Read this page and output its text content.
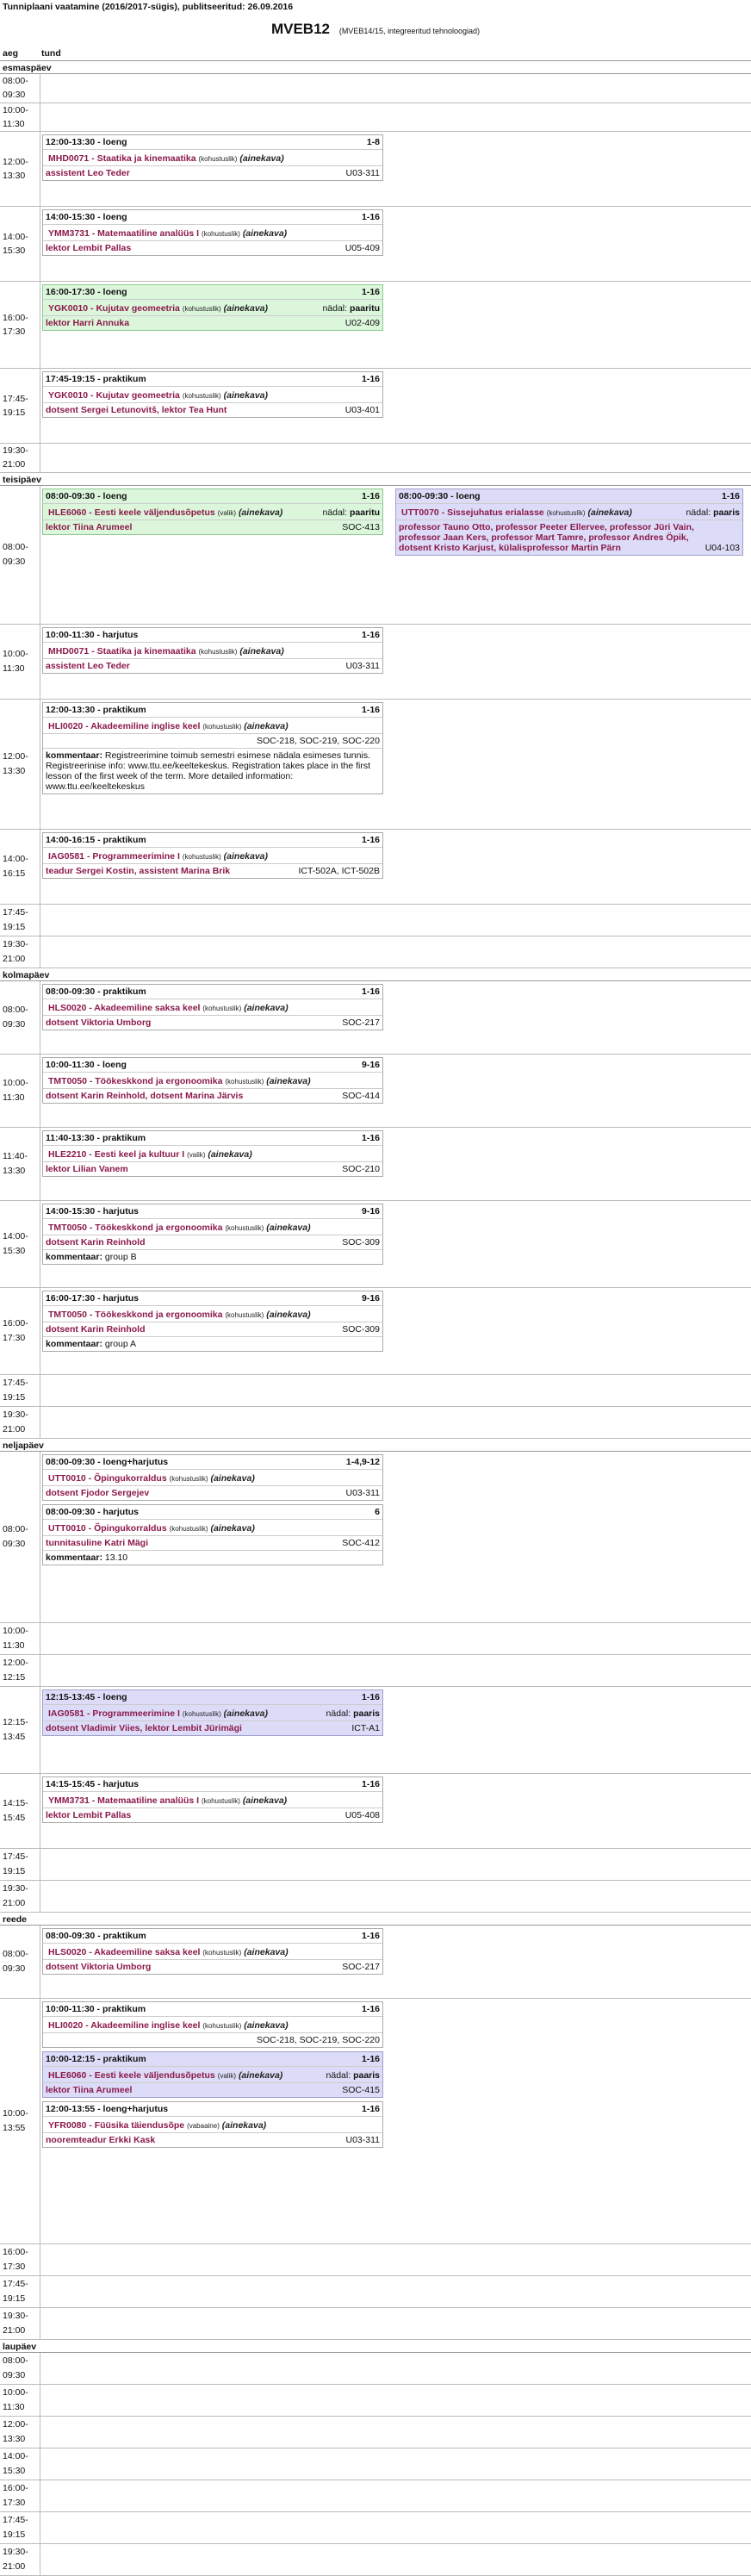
Tunniplaani vaatamine (2016/2017-sügis), publitseeritud: 26.09.2016
MVEB12 (MVEB14/15, integreeritud tehnoloogiad)
aeg	tund
esmaspäev
08:00-
09:30
10:00-
11:30
12:00-
13:30
12:00-13:30 - loeng	1-8
MHD0071 - Staatika ja kinemaatika (kohustuslik) (ainekava)
assistent Leo Teder	U03-311
14:00-
15:30
14:00-15:30 - loeng	1-16
YMM3731 - Matemaatiline analüüs I (kohustuslik) (ainekava)
lektor Lembit Pallas	U05-409
16:00-
17:30
16:00-17:30 - loeng	1-16
YGK0010 - Kujutav geomeetria (kohustuslik) (ainekava)	nädal: paaritu
lektor Harri Annuka	U02-409
17:45-
19:15
17:45-19:15 - praktikum	1-16
YGK0010 - Kujutav geomeetria (kohustuslik) (ainekava)
dotsent Sergei Letunovitš, lektor Tea Hunt	U03-401
19:30-
21:00
teisipäev
08:00-
09:30
08:00-09:30 - loeng	1-16
HLE6060 - Eesti keele väljendusõpetus (valik) (ainekava)	nädal: paaritu
lektor Tiina Arumeel	SOC-413
08:00-09:30 - loeng	1-16
UTT0070 - Sissejuhatus erialasse (kohustuslik) (ainekava)	nädal: paaris
professor Tauno Otto, professor Peeter Ellervee, professor Jüri Vain, professor Jaan Kers, professor Mart Tamre, professor Andres Öpik, dotsent Kristo Karjust, külalisprofessor Martin Pärn	U04-103
10:00-
11:30
10:00-11:30 - harjutus	1-16
MHD0071 - Staatika ja kinemaatika (kohustuslik) (ainekava)
assistent Leo Teder	U03-311
12:00-
13:30
12:00-13:30 - praktikum	1-16
HLI0020 - Akadeemiline inglise keel (kohustuslik) (ainekava)
SOC-218, SOC-219, SOC-220
kommentaar: Registreerimine toimub semestri esimese nädala esimeses tunnis. Registreerinise info: www.ttu.ee/keeltekeskus. Registration takes place in the first lesson of the first week of the term. More detailed information: www.ttu.ee/keeltekeskus
14:00-
16:15
14:00-16:15 - praktikum	1-16
IAG0581 - Programmeerimine I (kohustuslik) (ainekava)
teadur Sergei Kostin, assistent Marina Brik	ICT-502A, ICT-502B
17:45-
19:15
19:30-
21:00
kolmapäev
08:00-
09:30
08:00-09:30 - praktikum	1-16
HLS0020 - Akadeemiline saksa keel (kohustuslik) (ainekava)
dotsent Viktoria Umborg	SOC-217
10:00-
11:30
10:00-11:30 - loeng	9-16
TMT0050 - Töökeskkond ja ergonoomika (kohustuslik) (ainekava)
dotsent Karin Reinhold, dotsent Marina Järvis	SOC-414
11:40-
13:30
11:40-13:30 - praktikum	1-16
HLE2210 - Eesti keel ja kultuur I (valik) (ainekava)
lektor Lilian Vanem	SOC-210
14:00-
15:30
14:00-15:30 - harjutus	9-16
TMT0050 - Töökeskkond ja ergonoomika (kohustuslik) (ainekava)
dotsent Karin Reinhold	SOC-309
kommentaar: group B
16:00-
17:30
16:00-17:30 - harjutus	9-16
TMT0050 - Töökeskkond ja ergonoomika (kohustuslik) (ainekava)
dotsent Karin Reinhold	SOC-309
kommentaar: group A
17:45-
19:15
19:30-
21:00
neljapäev
08:00-
09:30
08:00-09:30 - loeng+harjutus	1-4,9-12
UTT0010 - Õpingukorraldus (kohustuslik) (ainekava)
dotsent Fjodor Sergejev	U03-311
08:00-09:30 - harjutus	6
UTT0010 - Õpingukorraldus (kohustuslik) (ainekava)
tunnitasuline Katri Mägi	SOC-412
kommentaar: 13.10
10:00-
11:30
12:00-
12:15
12:15-
13:45
12:15-13:45 - loeng	1-16
IAG0581 - Programmeerimine I (kohustuslik) (ainekava)	nädal: paaris
dotsent Vladimir Viies, lektor Lembit Jürimägi	ICT-A1
14:15-
15:45
14:15-15:45 - harjutus	1-16
YMM3731 - Matemaatiline analüüs I (kohustuslik) (ainekava)
lektor Lembit Pallas	U05-408
17:45-
19:15
19:30-
21:00
reede
08:00-
09:30
08:00-09:30 - praktikum	1-16
HLS0020 - Akadeemiline saksa keel (kohustuslik) (ainekava)
dotsent Viktoria Umborg	SOC-217
10:00-
13:55
10:00-11:30 - praktikum	1-16
HLI0020 - Akadeemiline inglise keel (kohustuslik) (ainekava)
SOC-218, SOC-219, SOC-220
10:00-12:15 - praktikum	1-16
HLE6060 - Eesti keele väljendusõpetus (valik) (ainekava)	nädal: paaris
lektor Tiina Arumeel	SOC-415
12:00-13:55 - loeng+harjutus	1-16
YFR0080 - Füüsika täiendusõpe (vabaaine) (ainekava)
nooremteadur Erkki Kask	U03-311
16:00-
17:30
17:45-
19:15
19:30-
21:00
laupäev
08:00-
09:30
10:00-
11:30
12:00-
13:30
14:00-
15:30
16:00-
17:30
17:45-
19:15
19:30-
21:00
